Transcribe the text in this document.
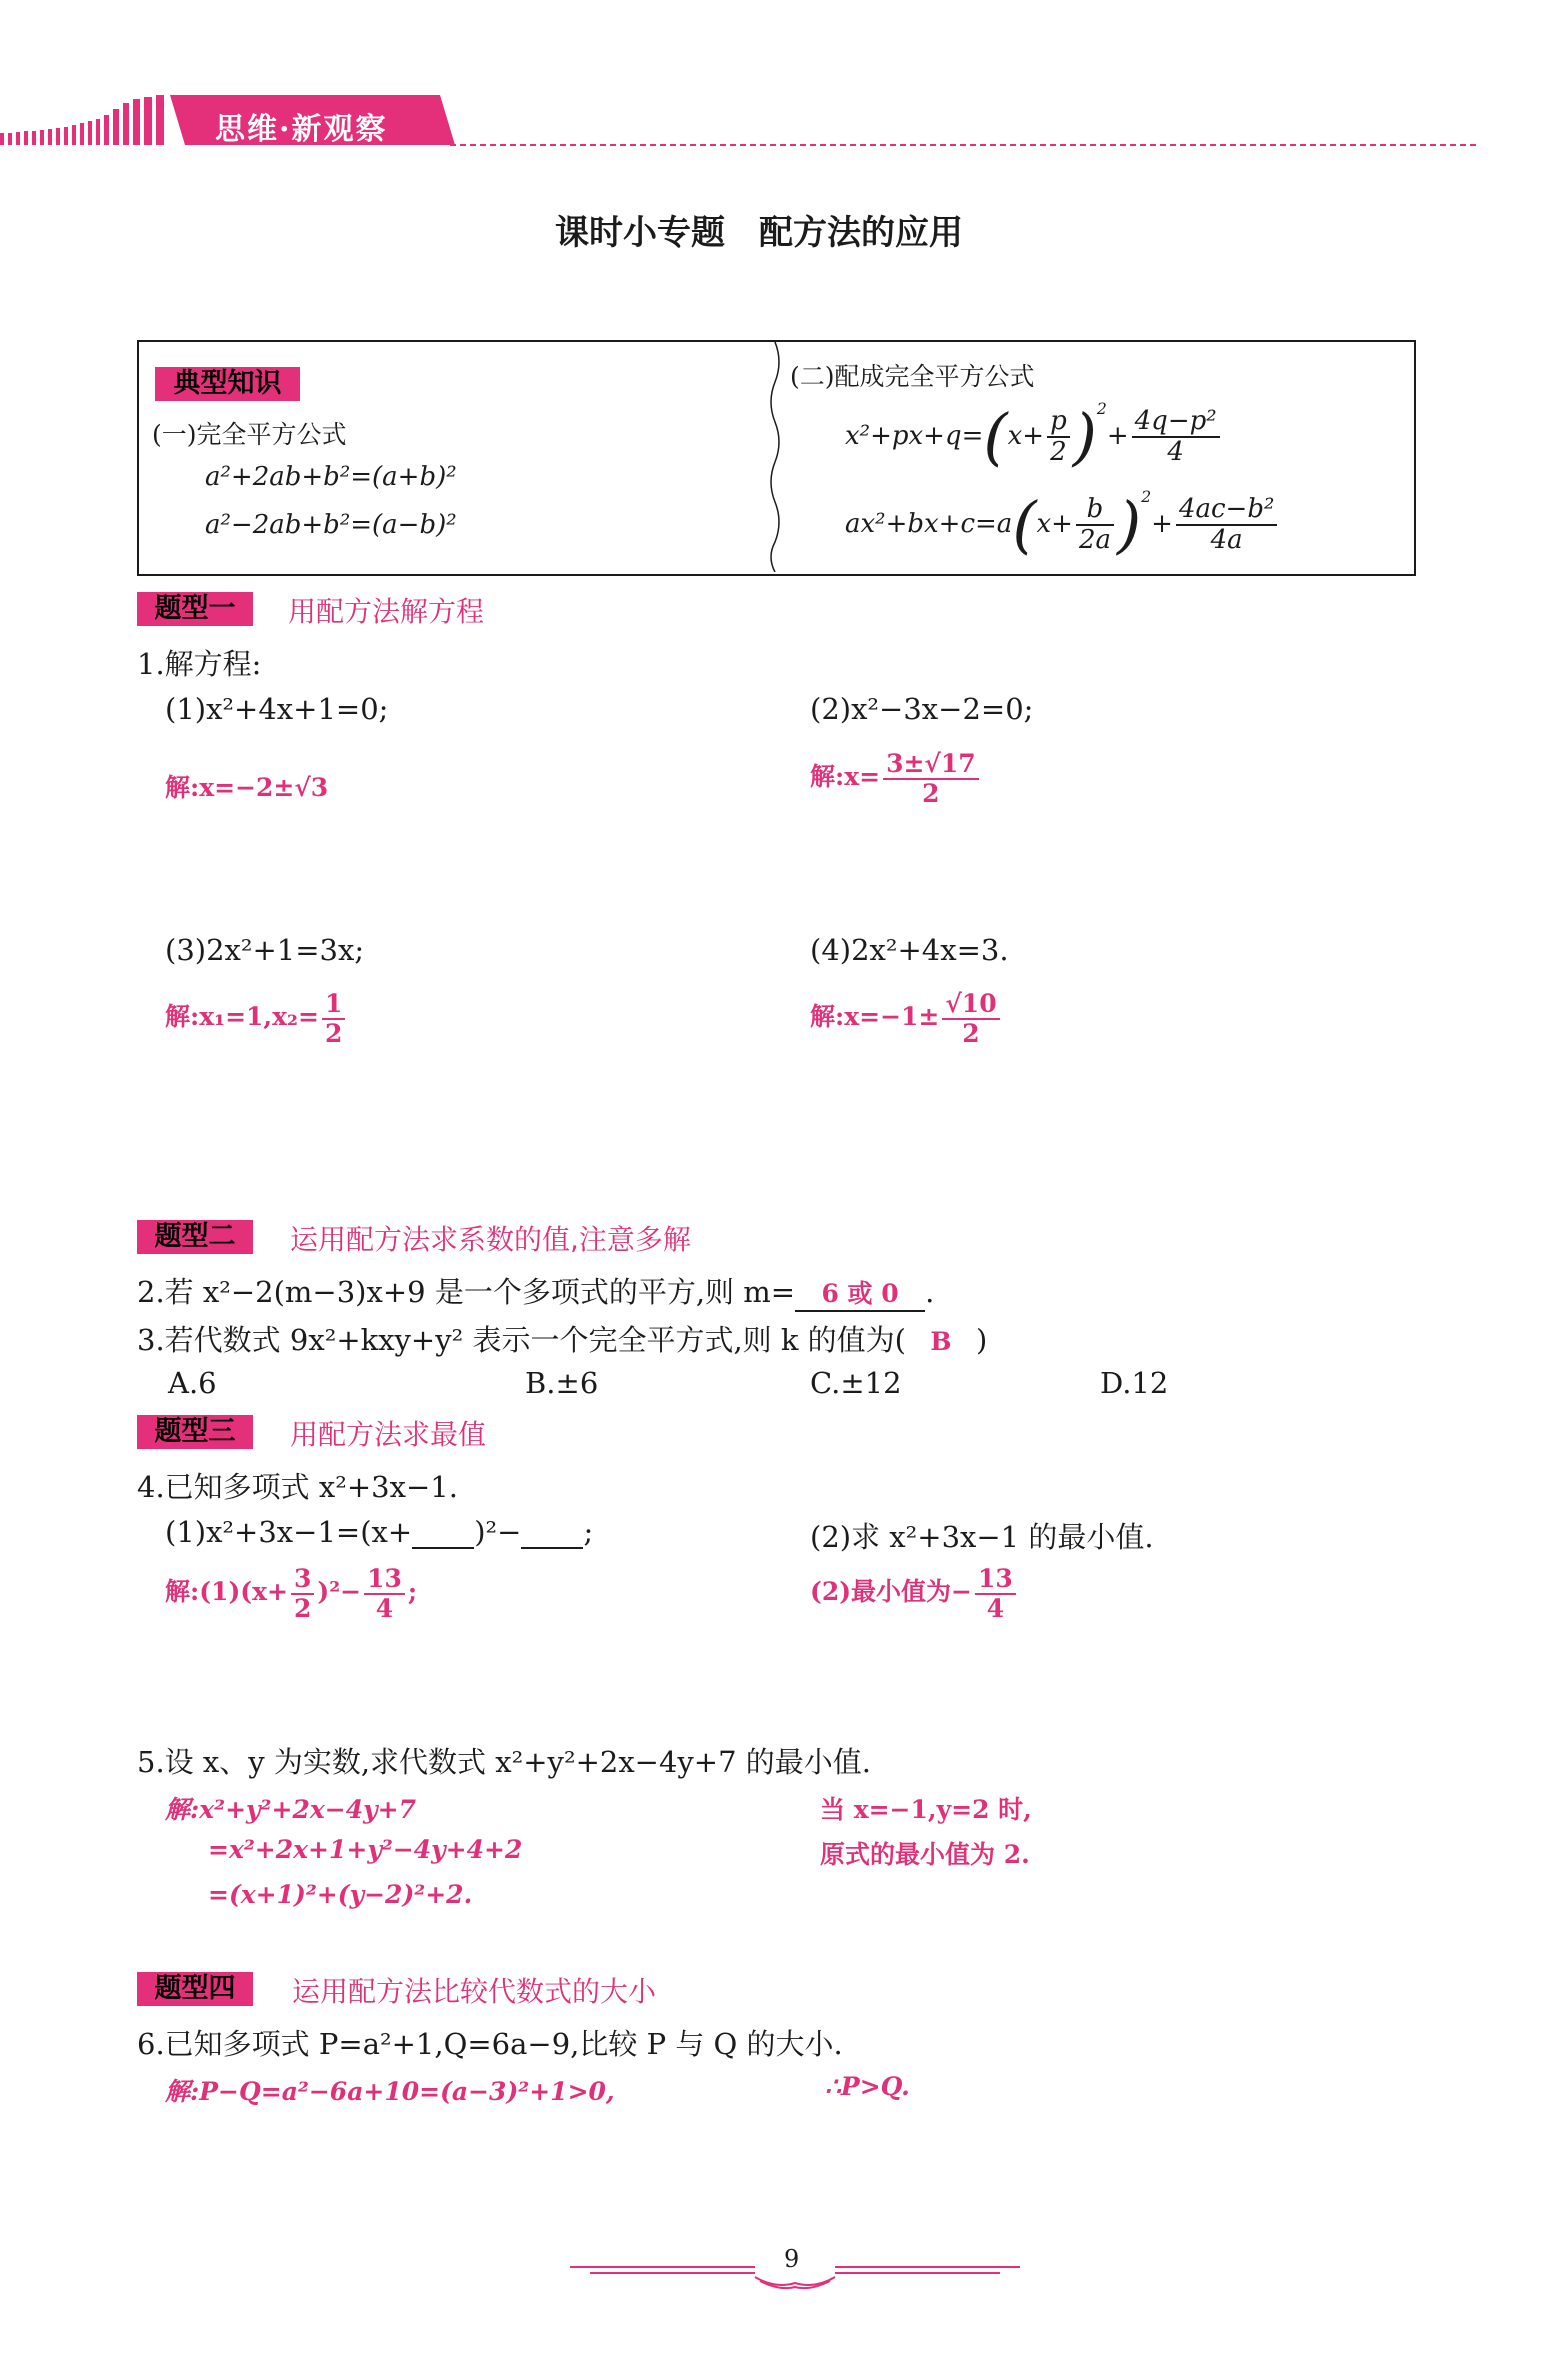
思维·新观察
课时小专题　配方法的应用
典型知识
(一)完全平方公式
a²+2ab+b²=(a+b)²
a²−2ab+b²=(a−b)²
(二)配成完全平方公式
$x^2+px+q=(x+ \frac{p}{2} )^2+ \frac{\text{4q−p²}}{4}$
$ax^2+bx+c=a(x+ \frac{b}{2a} )^2+ \frac{\text{4ac−b²}}{4a}$
题型一	用配方法解方程
1.解方程:
(1)x²+4x+1=0;
解:x=−2±√3
(2)x²−3x−2=0;
解:x= $\frac{3\pm√17}{2}$
(3)2x²+1=3x;
解:x₁=1,x₂= $\frac{1}{2}$
(4)2x²+4x=3.
解:x=−1± $\frac{√10}{2}$
题型二	运用配方法求系数的值,注意多解
2.若 x²−2(m−3)x+9 是一个多项式的平方,则 m= 6 或 0 .
3.若代数式 9x²+kxy+y² 表示一个完全平方式,则 k 的值为( B )
A.6	B.±6	C.±12	D.12
题型三	用配方法求最值
4.已知多项式 x²+3x−1.
(1)x²+3x−1=(x+ )²− ;
解:(1)(x+ $\frac{3}{2} )^2- \frac{13}{4}$ ;
(2)求 x²+3x−1 的最小值.
(2)最小值为− $\frac{13}{4}$
5.设 x、y 为实数,求代数式 x²+y²+2x−4y+7 的最小值.
解:x²+y²+2x−4y+7
=x²+2x+1+y²−4y+4+2
=(x+1)²+(y−2)²+2.
当 x=−1,y=2 时,
原式的最小值为 2.
题型四	运用配方法比较代数式的大小
6.已知多项式 P=a²+1,Q=6a−9,比较 P 与 Q 的大小.
解:P−Q=a²−6a+10=(a−3)²+1>0,	∴P>Q.
9
